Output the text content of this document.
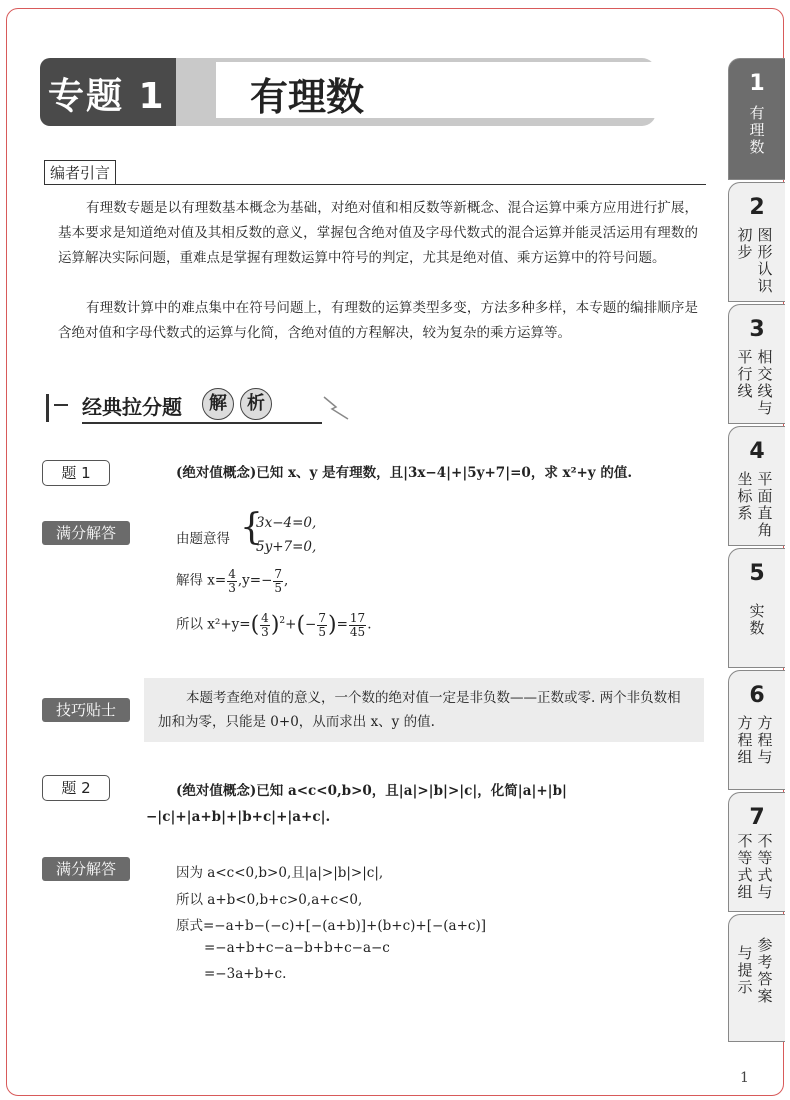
专题 1 有理数
编者引言

有理数专题是以有理数基本概念为基础，对绝对值和相反数等新概念、混合运算中乘方应用进行扩展，基本要求是知道绝对值及其相反数的意义，掌握包含绝对值及字母代数式的混合运算并能灵活运用有理数的运算解决实际问题，重难点是掌握有理数运算中符号的判定，尤其是绝对值、乘方运算中的符号问题。

有理数计算中的难点集中在符号问题上，有理数的运算类型多变，方法多种多样，本专题的编排顺序是含绝对值和字母代数式的运算与化简，含绝对值的方程解决，较为复杂的乘方运算等。

经典拉分题	解	析
题 1	(绝对值概念)已知 x、y 是有理数，且|3x−4|+|5y+7|=0，求 x²+y 的值.

满分解答	由题意得 {
3x−4=0,
5y+7=0,
解得 $x= \frac{4}{3} ,y=- \frac{7}{5}$ ,
所以 $x^2+y=( \frac{4}{3} )^2+(- \frac{7}{5}$ )= $\frac{17}{45}$ .
技巧贴士

本题考查绝对值的意义，一个数的绝对值一定是非负数——正数或零. 两个非负数相加和为零，只能是 0+0，从而求出 x、y 的值.

题 2	(绝对值概念)已知 a<c<0,b>0，且|a|>|b|>|c|，化简|a|+|b|−|c|+|a+b|+|b+c|+|a+c|.

满分解答	因为 a<c<0,b>0,且|a|>|b|>|c|,
所以 a+b<0,b+c>0,a+c<0,
原式=−a+b−(−c)+[−(a+b)]+(b+c)+[−(a+c)]
=−a+b+c−a−b+b+c−a−c
=−3a+b+c.
1
有理数
2
图形认识
初步
3
相交线与
平行线
4
平面直角
坐标系
5
实数
6
方程与
方程组
7
不等式与
不等式组
参考答案
与提示
1
